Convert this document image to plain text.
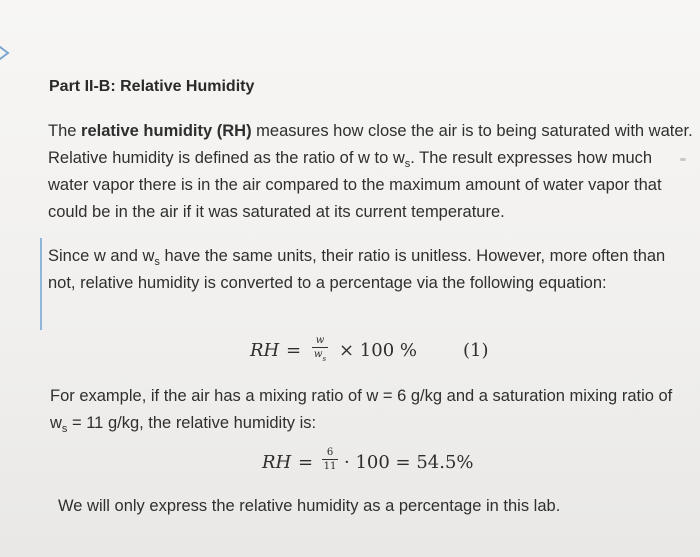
Part II-B: Relative Humidity
The relative humidity (RH) measures how close the air is to being saturated with water. Relative humidity is defined as the ratio of w to $w_s$. The result expresses how much water vapor there is in the air compared to the maximum amount of water vapor that could be in the air if it was saturated at its current temperature.
Since w and $w_s$ have the same units, their ratio is unitless. However, more often than not, relative humidity is converted to a percentage via the following equation:
RH = $\frac{w}{w_s} \times 100$ %	(1)
For example, if the air has a mixing ratio of w = 6 g/kg and a saturation mixing ratio of $w_s = 11$ g/kg, the relative humidity is:
RH = $\frac{6}{11} \cdot 100 = 54.5\%$
We will only express the relative humidity as a percentage in this lab.
